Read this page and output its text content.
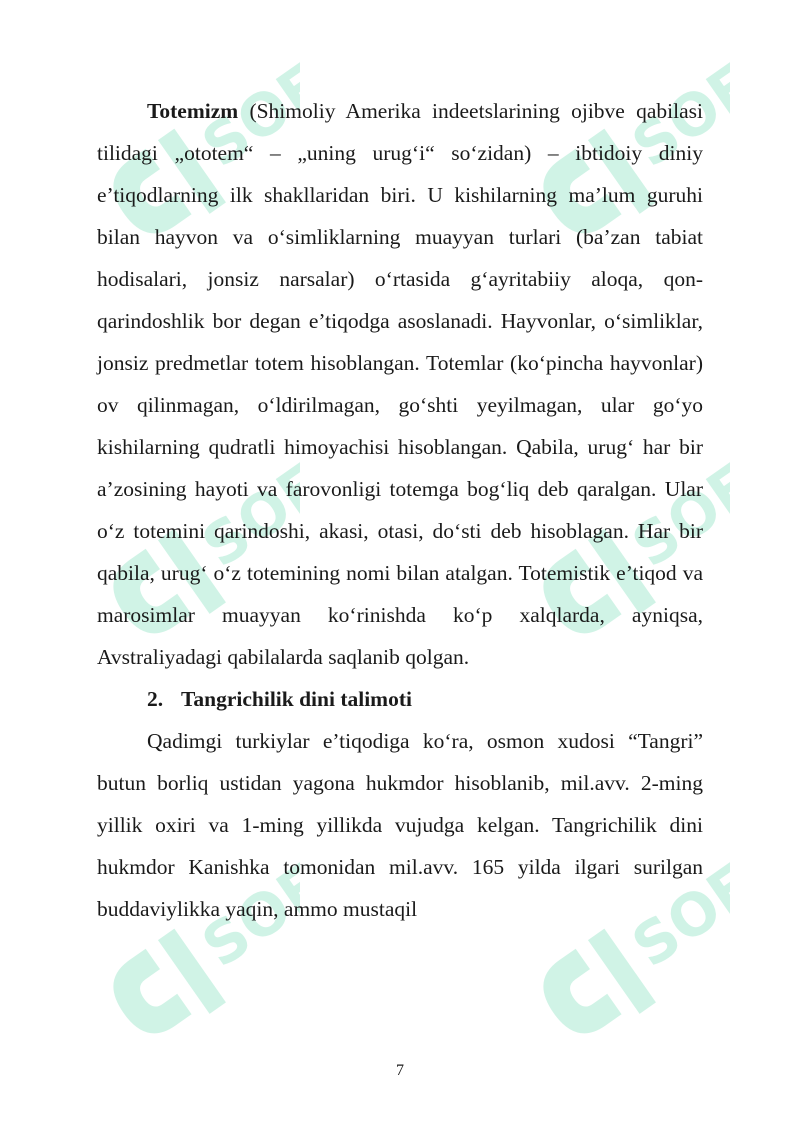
SOFF	SOFF
SOFF	SOFF
SOFF	SOFF

Totemizm (Shimoliy Amerika indeetslarining ojibve qabilasi tilidagi „ototem“ – „uning urug‘i“ so‘zidan) – ibtidoiy diniy e’tiqodlarning ilk shakllaridan biri. U kishilarning ma’lum guruhi bilan hayvon va o‘simliklarning muayyan turlari (ba’zan tabiat hodisalari, jonsiz narsalar) o‘rtasida g‘ayritabiiy aloqa, qon-qarindoshlik bor degan e’tiqodga asoslanadi. Hayvonlar, o‘simliklar, jonsiz predmetlar totem hisoblangan. Totemlar (ko‘pincha hayvonlar) ov qilinmagan, o‘ldirilmagan, go‘shti yeyilmagan, ular go‘yo kishilarning qudratli himoyachisi hisoblangan. Qabila, urug‘ har bir a’zosining hayoti va farovonligi totemga bog‘liq deb qaralgan. Ular o‘z totemini qarindoshi, akasi, otasi, do‘sti deb hisoblagan. Har bir qabila, urug‘ o‘z totemining nomi bilan atalgan. Totemistik e’tiqod va marosimlar muayyan ko‘rinishda ko‘p xalqlarda, ayniqsa, Avstraliyadagi qabilalarda saqlanib qolgan.

2. Tangrichilik dini talimoti

Qadimgi turkiylar e’tiqodiga ko‘ra, osmon xudosi “Tangri” butun borliq ustidan yagona hukmdor hisoblanib, mil.avv. 2-ming yillik oxiri va 1-ming yillikda vujudga kelgan. Tangrichilik dini hukmdor Kanishka tomonidan mil.avv. 165 yilda ilgari surilgan buddaviylikka yaqin, ammo mustaqil

7
